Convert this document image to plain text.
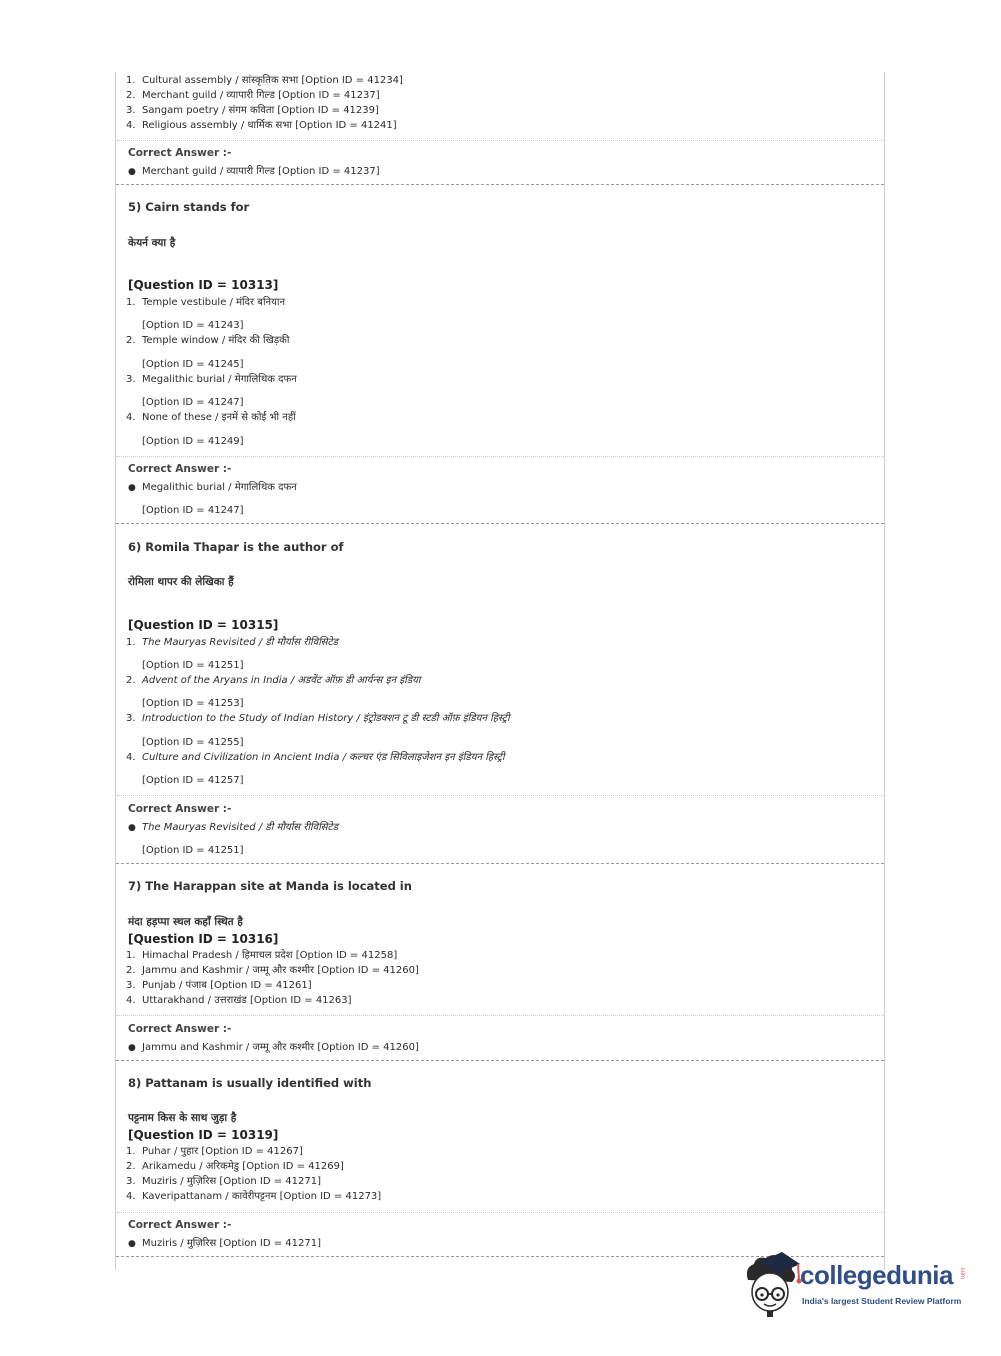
1. Cultural assembly / सांस्कृतिक सभा [Option ID = 41234]
2. Merchant guild / व्यापारी गिल्ड [Option ID = 41237]
3. Sangam poetry / संगम कविता [Option ID = 41239]
4. Religious assembly / धार्मिक सभा [Option ID = 41241]
Correct Answer :-
● Merchant guild / व्यापारी गिल्ड [Option ID = 41237]
5) Cairn stands for
केयर्न क्या है
[Question ID = 10313]
1. Temple vestibule / मंदिर बनियान
[Option ID = 41243]
2. Temple window / मंदिर की खिड़की
[Option ID = 41245]
3. Megalithic burial / मेगालिथिक दफन
[Option ID = 41247]
4. None of these / इनमें से कोई भी नहीं
[Option ID = 41249]
Correct Answer :-
● Megalithic burial / मेगालिथिक दफन
[Option ID = 41247]
6) Romila Thapar is the author of
रोमिला थापर की लेखिका हैं
[Question ID = 10315]
1. The Mauryas Revisited / डी मौर्यास रीविसिटेड
[Option ID = 41251]
2. Advent of the Aryans in India / अडवेंट ऑफ़ डी आर्यन्स इन इंडिया
[Option ID = 41253]
3. Introduction to the Study of Indian History / इंट्रोडक्शन टू डी स्टडी ऑफ़ इंडियन हिस्ट्री
[Option ID = 41255]
4. Culture and Civilization in Ancient India / कल्चर एंड सिविलाइजेशन इन इंडियन हिस्ट्री
[Option ID = 41257]
Correct Answer :-
● The Mauryas Revisited / डी मौर्यास रीविसिटेड
[Option ID = 41251]
7) The Harappan site at Manda is located in
मंदा हड़प्पा स्थल कहाँ स्थित है
[Question ID = 10316]
1. Himachal Pradesh / हिमाचल प्रदेश [Option ID = 41258]
2. Jammu and Kashmir / जम्मू और कश्मीर [Option ID = 41260]
3. Punjab / पंजाब [Option ID = 41261]
4. Uttarakhand / उत्तराखंड [Option ID = 41263]
Correct Answer :-
● Jammu and Kashmir / जम्मू और कश्मीर [Option ID = 41260]
8) Pattanam is usually identified with
पट्टनाम किस के साथ जुड़ा है
[Question ID = 10319]
1. Puhar / पुहार [Option ID = 41267]
2. Arikamedu / अरिकमेडु [Option ID = 41269]
3. Muziris / मुज़िरिस [Option ID = 41271]
4. Kaveripattanam / कावेरीपट्टनम [Option ID = 41273]
Correct Answer :-
● Muziris / मुज़िरिस [Option ID = 41271]
collegedunia .com
India's largest Student Review Platform
